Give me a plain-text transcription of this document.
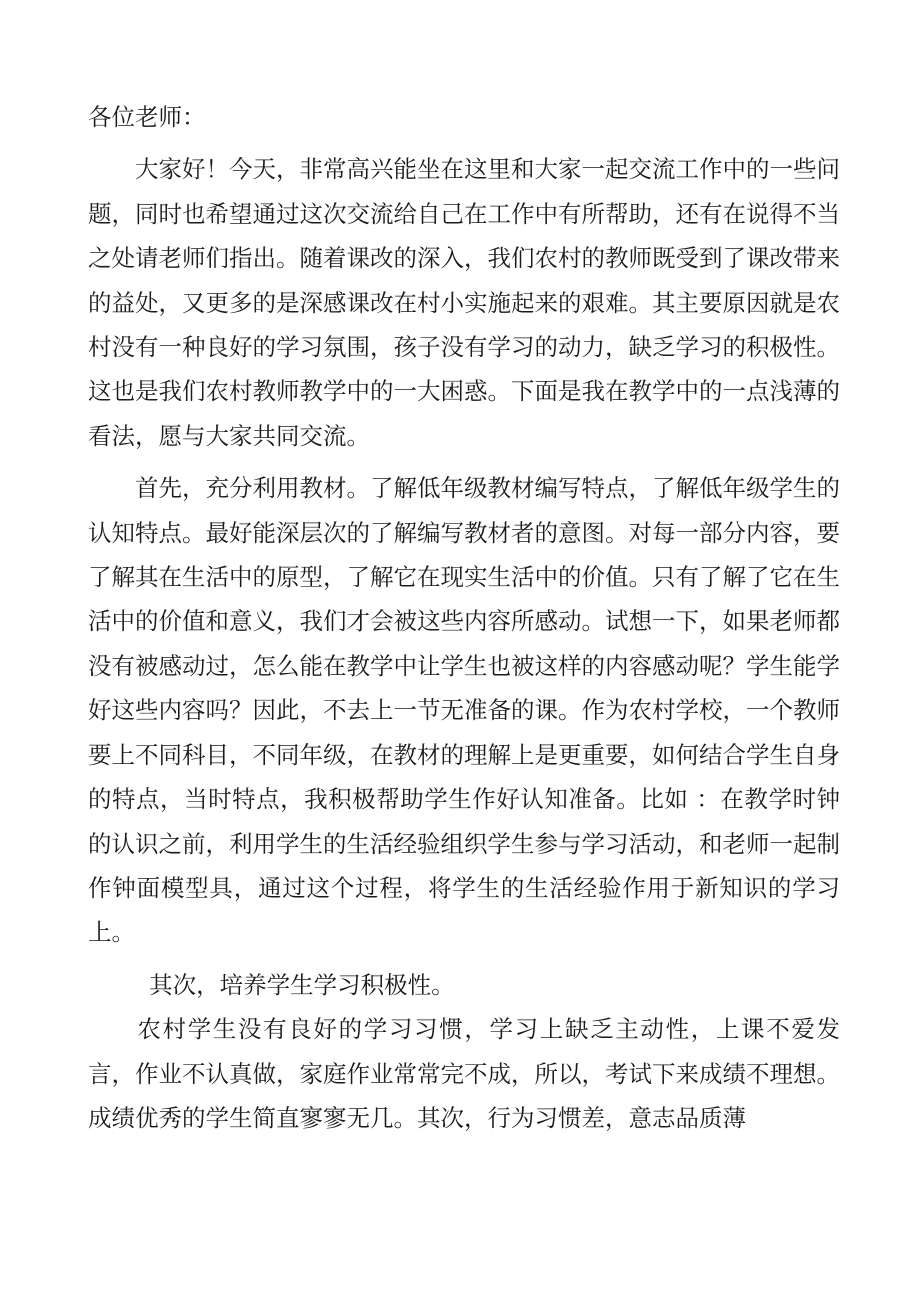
各位老师：

大家好！今天，非常高兴能坐在这里和大家一起交流工作中的一些问题，同时也希望通过这次交流给自己在工作中有所帮助，还有在说得不当之处请老师们指出。随着课改的深入，我们农村的教师既受到了课改带来的益处，又更多的是深感课改在村小实施起来的艰难。其主要原因就是农村没有一种良好的学习氛围，孩子没有学习的动力，缺乏学习的积极性。这也是我们农村教师教学中的一大困惑。下面是我在教学中的一点浅薄的看法，愿与大家共同交流。

首先，充分利用教材。了解低年级教材编写特点，了解低年级学生的认知特点。最好能深层次的了解编写教材者的意图。对每一部分内容，要了解其在生活中的原型，了解它在现实生活中的价值。只有了解了它在生活中的价值和意义，我们才会被这些内容所感动。试想一下，如果老师都没有被感动过，怎么能在教学中让学生也被这样的内容感动呢？学生能学好这些内容吗？因此，不去上一节无准备的课。作为农村学校，一个教师要上不同科目，不同年级，在教材的理解上是更重要，如何结合学生自身的特点，当时特点，我积极帮助学生作好认知准备。比如 ：在教学时钟的认识之前，利用学生的生活经验组织学生参与学习活动，和老师一起制作钟面模型具，通过这个过程，将学生的生活经验作用于新知识的学习上。

其次，培养学生学习积极性。

农村学生没有良好的学习习惯，学习上缺乏主动性，上课不爱发言，作业不认真做，家庭作业常常完不成，所以，考试下来成绩不理想。成绩优秀的学生简直寥寥无几。其次，行为习惯差，意志品质薄
